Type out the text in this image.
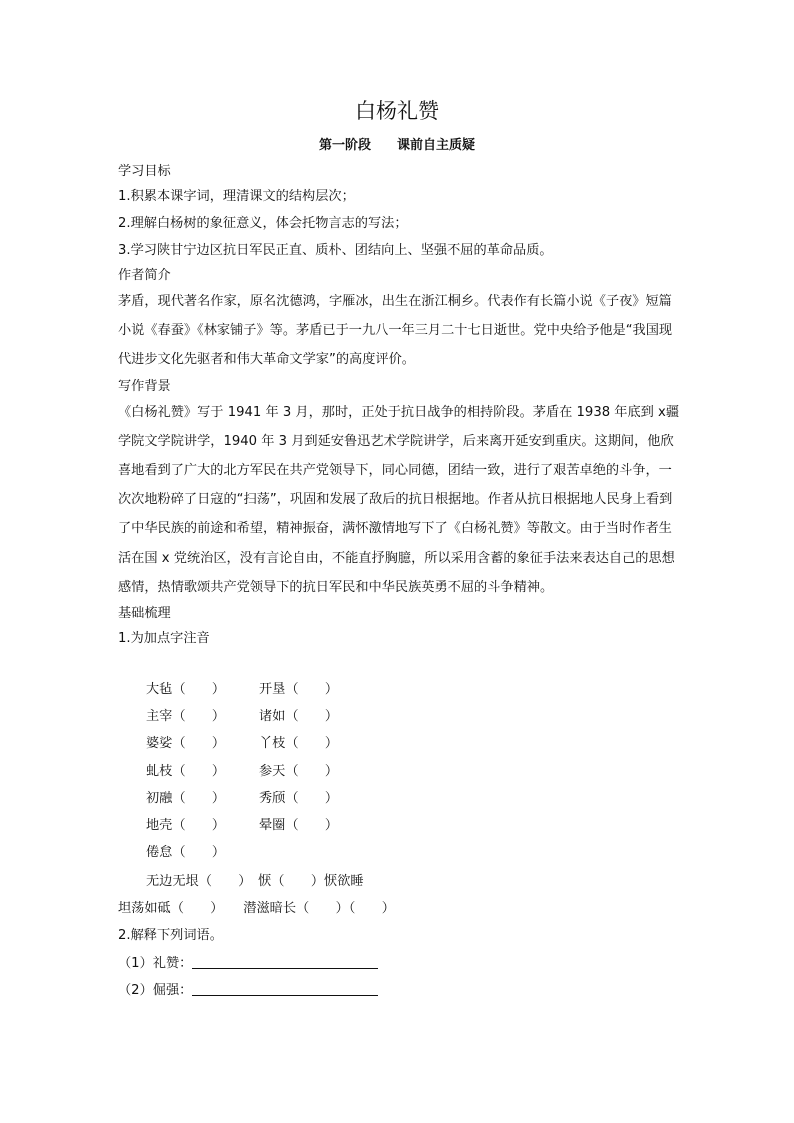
白杨礼赞
第一阶段　　课前自主质疑
学习目标
1.积累本课字词，理清课文的结构层次；
2.理解白杨树的象征意义，体会托物言志的写法；
3.学习陕甘宁边区抗日军民正直、质朴、团结向上、坚强不屈的革命品质。
作者简介
茅盾，现代著名作家，原名沈德鸿，字雁冰，出生在浙江桐乡。代表作有长篇小说《子夜》短篇小说《春蚕》《林家铺子》等。茅盾已于一九八一年三月二十七日逝世。党中央给予他是“我国现代进步文化先驱者和伟大革命文学家”的高度评价。
写作背景
《白杨礼赞》写于 1941 年 3 月，那时，正处于抗日战争的相持阶段。茅盾在 1938 年底到 x疆学院文学院讲学，1940 年 3 月到延安鲁迅艺术学院讲学，后来离开延安到重庆。这期间，他欣喜地看到了广大的北方军民在共产党领导下，同心同德，团结一致，进行了艰苦卓绝的斗争，一次次地粉碎了日寇的“扫荡”，巩固和发展了敌后的抗日根据地。作者从抗日根据地人民身上看到了中华民族的前途和希望，精神振奋，满怀激情地写下了《白杨礼赞》等散文。由于当时作者生活在国 x 党统治区，没有言论自由，不能直抒胸臆，所以采用含蓄的象征手法来表达自己的思想感情，热情歌颂共产党领导下的抗日军民和中华民族英勇不屈的斗争精神。
基础梳理
1.为加点字注音
大毡（　　）	开垦（　　）
主宰（　　）	诸如（　　）
婆娑（　　）	丫枝（　　）
虬枝（　　）	参天（　　）
初融（　　）	秀颀（　　）
地壳（　　）	晕圈（　　）
倦怠（　　）
无边无垠（　　）　恹（　　）恹欲睡
坦荡如砥（　　）　　潜滋暗长（　　）（　　）
2.解释下列词语。
（1）礼赞：
（2）倔强：
